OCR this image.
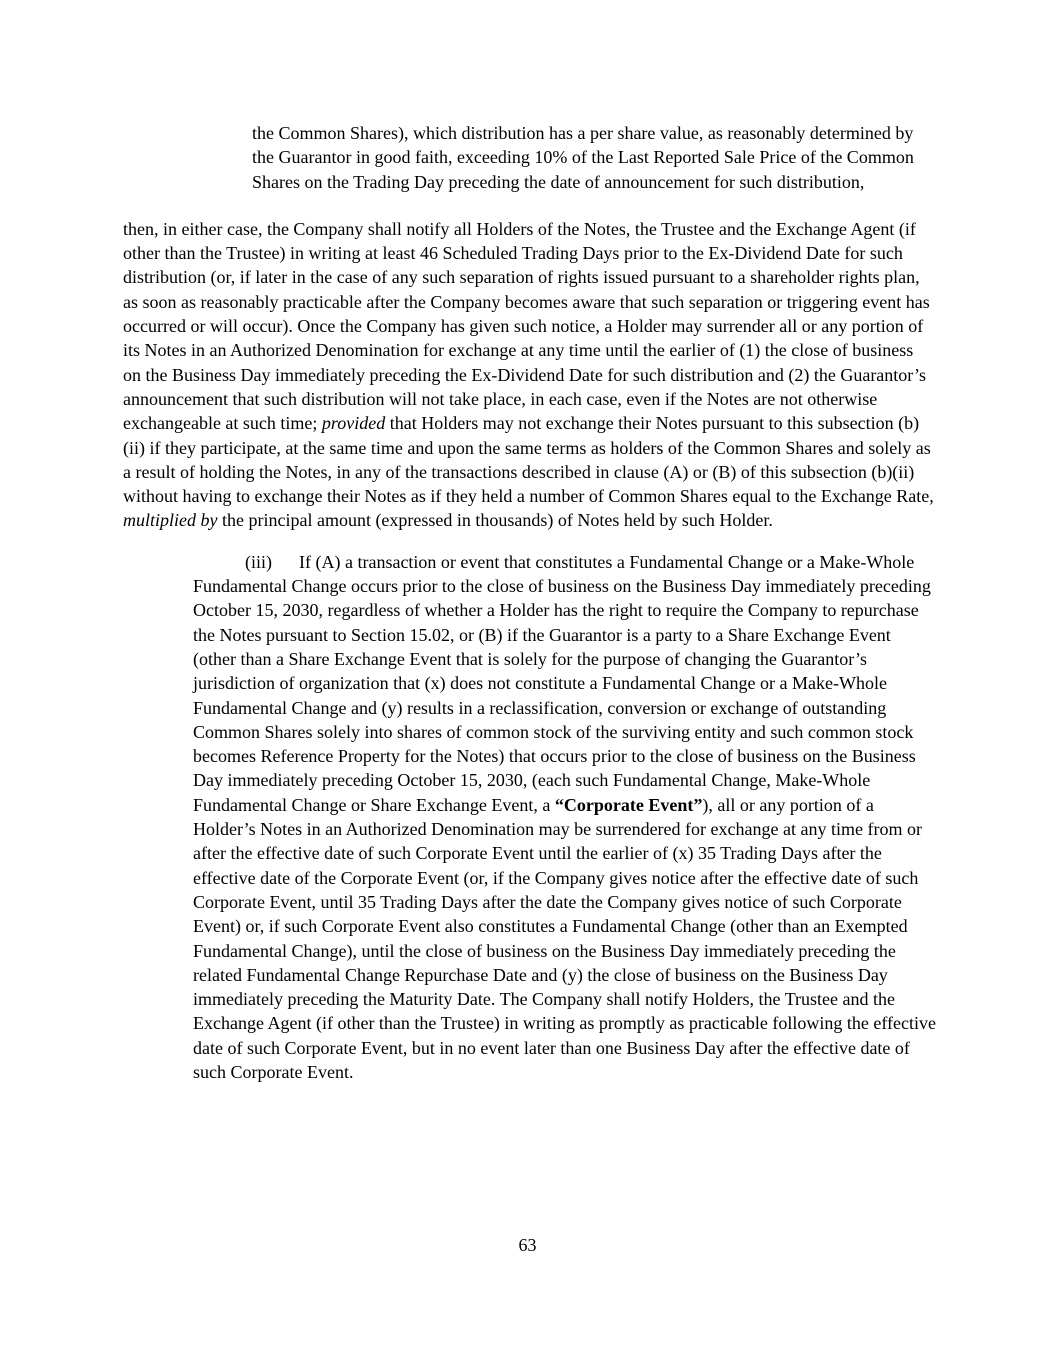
the Common Shares), which distribution has a per share value, as reasonably determined by the Guarantor in good faith, exceeding 10% of the Last Reported Sale Price of the Common Shares on the Trading Day preceding the date of announcement for such distribution,

then, in either case, the Company shall notify all Holders of the Notes, the Trustee and the Exchange Agent (if other than the Trustee) in writing at least 46 Scheduled Trading Days prior to the Ex-Dividend Date for such distribution (or, if later in the case of any such separation of rights issued pursuant to a shareholder rights plan, as soon as reasonably practicable after the Company becomes aware that such separation or triggering event has occurred or will occur). Once the Company has given such notice, a Holder may surrender all or any portion of its Notes in an Authorized Denomination for exchange at any time until the earlier of (1) the close of business on the Business Day immediately preceding the Ex-Dividend Date for such distribution and (2) the Guarantor’s announcement that such distribution will not take place, in each case, even if the Notes are not otherwise exchangeable at such time; provided that Holders may not exchange their Notes pursuant to this subsection (b)(ii) if they participate, at the same time and upon the same terms as holders of the Common Shares and solely as a result of holding the Notes, in any of the transactions described in clause (A) or (B) of this subsection (b)(ii) without having to exchange their Notes as if they held a number of Common Shares equal to the Exchange Rate, multiplied by the principal amount (expressed in thousands) of Notes held by such Holder.

(iii) If (A) a transaction or event that constitutes a Fundamental Change or a Make-Whole Fundamental Change occurs prior to the close of business on the Business Day immediately preceding October 15, 2030, regardless of whether a Holder has the right to require the Company to repurchase the Notes pursuant to Section 15.02, or (B) if the Guarantor is a party to a Share Exchange Event (other than a Share Exchange Event that is solely for the purpose of changing the Guarantor’s jurisdiction of organization that (x) does not constitute a Fundamental Change or a Make-Whole Fundamental Change and (y) results in a reclassification, conversion or exchange of outstanding Common Shares solely into shares of common stock of the surviving entity and such common stock becomes Reference Property for the Notes) that occurs prior to the close of business on the Business Day immediately preceding October 15, 2030, (each such Fundamental Change, Make-Whole Fundamental Change or Share Exchange Event, a “Corporate Event”), all or any portion of a Holder’s Notes in an Authorized Denomination may be surrendered for exchange at any time from or after the effective date of such Corporate Event until the earlier of (x) 35 Trading Days after the effective date of the Corporate Event (or, if the Company gives notice after the effective date of such Corporate Event, until 35 Trading Days after the date the Company gives notice of such Corporate Event) or, if such Corporate Event also constitutes a Fundamental Change (other than an Exempted Fundamental Change), until the close of business on the Business Day immediately preceding the related Fundamental Change Repurchase Date and (y) the close of business on the Business Day immediately preceding the Maturity Date. The Company shall notify Holders, the Trustee and the Exchange Agent (if other than the Trustee) in writing as promptly as practicable following the effective date of such Corporate Event, but in no event later than one Business Day after the effective date of such Corporate Event.

63
